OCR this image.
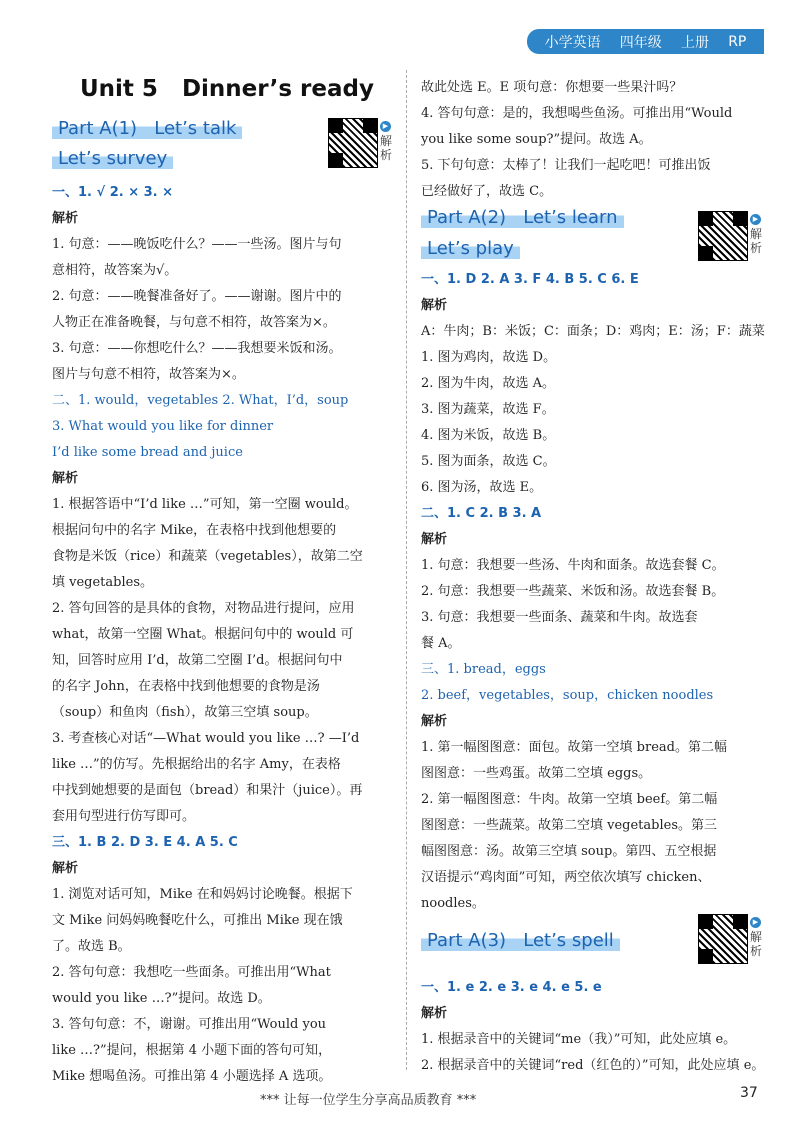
小学英语 四年级 上册 RP
Unit 5   Dinner’s ready
Part A(1)   Let’s talk
Let’s survey
▶
解析
Part A(2)   Let’s learn
Let’s play
▶
解析
Part A(3)   Let’s spell
▶
解析
一、1. √ 2. × 3. ×
解析
1. 句意：——晚饭吃什么？——一些汤。图片与句
意相符，故答案为√。
2. 句意：——晚餐准备好了。——谢谢。图片中的
人物正在准备晚餐，与句意不相符，故答案为×。
3. 句意：——你想吃什么？——我想要米饭和汤。
图片与句意不相符，故答案为×。
二、1. would，vegetables 2. What，I’d，soup
3. What would you like for dinner
I’d like some bread and juice
解析
1. 根据答语中“I’d like …”可知，第一空圈 would。
根据问句中的名字 Mike，在表格中找到他想要的
食物是米饭（rice）和蔬菜（vegetables），故第二空
填 vegetables。
2. 答句回答的是具体的食物，对物品进行提问，应用
what，故第一空圈 What。根据问句中的 would 可
知，回答时应用 I’d，故第二空圈 I’d。根据问句中
的名字 John，在表格中找到他想要的食物是汤
（soup）和鱼肉（fish），故第三空填 soup。
3. 考查核心对话“—What would you like …? —I’d
like …”的仿写。先根据给出的名字 Amy，在表格
中找到她想要的是面包（bread）和果汁（juice）。再
套用句型进行仿写即可。
三、1. B 2. D 3. E 4. A 5. C
解析
1. 浏览对话可知，Mike 在和妈妈讨论晚餐。根据下
文 Mike 问妈妈晚餐吃什么，可推出 Mike 现在饿
了。故选 B。
2. 答句句意：我想吃一些面条。可推出用“What
would you like …?”提问。故选 D。
3. 答句句意：不，谢谢。可推出用“Would you
like …?”提问，根据第 4 小题下面的答句可知，
Mike 想喝鱼汤。可推出第 4 小题选择 A 选项。
故此处选 E。E 项句意：你想要一些果汁吗？
4. 答句句意：是的，我想喝些鱼汤。可推出用“Would
you like some soup?”提问。故选 A。
5. 下句句意：太棒了！让我们一起吃吧！可推出饭
已经做好了，故选 C。
一、1. D 2. A 3. F 4. B 5. C 6. E
解析
A：牛肉；B：米饭；C：面条；D：鸡肉；E：汤；F：蔬菜
1. 图为鸡肉，故选 D。
2. 图为牛肉，故选 A。
3. 图为蔬菜，故选 F。
4. 图为米饭，故选 B。
5. 图为面条，故选 C。
6. 图为汤，故选 E。
二、1. C 2. B 3. A
解析
1. 句意：我想要一些汤、牛肉和面条。故选套餐 C。
2. 句意：我想要一些蔬菜、米饭和汤。故选套餐 B。
3. 句意：我想要一些面条、蔬菜和牛肉。故选套
餐 A。
三、1. bread，eggs
2. beef，vegetables，soup，chicken noodles
解析
1. 第一幅图图意：面包。故第一空填 bread。第二幅
图图意：一些鸡蛋。故第二空填 eggs。
2. 第一幅图图意：牛肉。故第一空填 beef。第二幅
图图意：一些蔬菜。故第二空填 vegetables。第三
幅图图意：汤。故第三空填 soup。第四、五空根据
汉语提示“鸡肉面”可知，两空依次填写 chicken、
noodles。
一、1. e 2. e 3. e 4. e 5. e
解析
1. 根据录音中的关键词“me（我）”可知，此处应填 e。
2. 根据录音中的关键词“red（红色的）”可知，此处应填 e。
*** 让每一位学生分享高品质教育 ***	37
